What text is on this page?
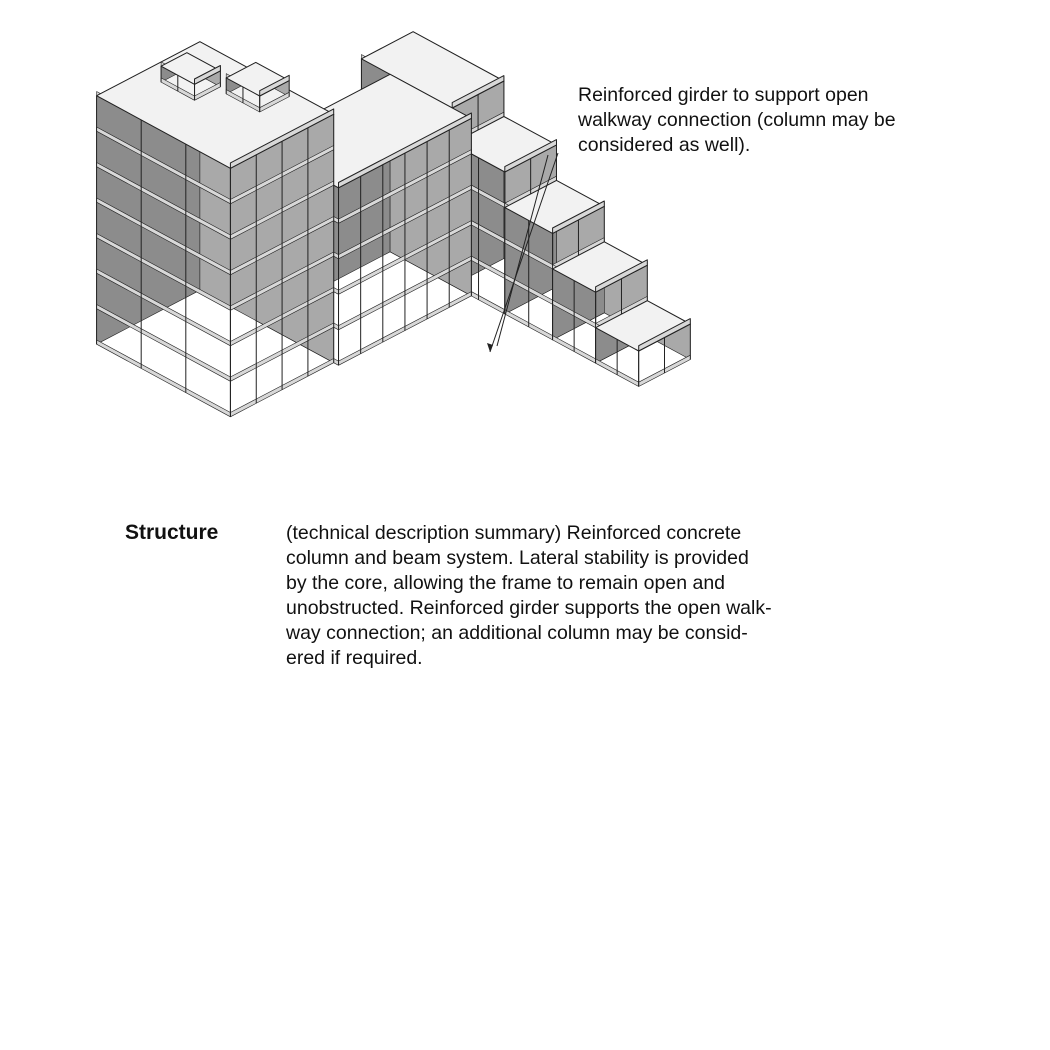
Reinforced girder to support open
walkway connection (column may be
considered as well).
Structure	(technical description summary) Reinforced concrete
column and beam system. Lateral stability is provided
by the core, allowing the frame to remain open and
unobstructed. Reinforced girder supports the open walk-
way connection; an additional column may be consid-
ered if required.
